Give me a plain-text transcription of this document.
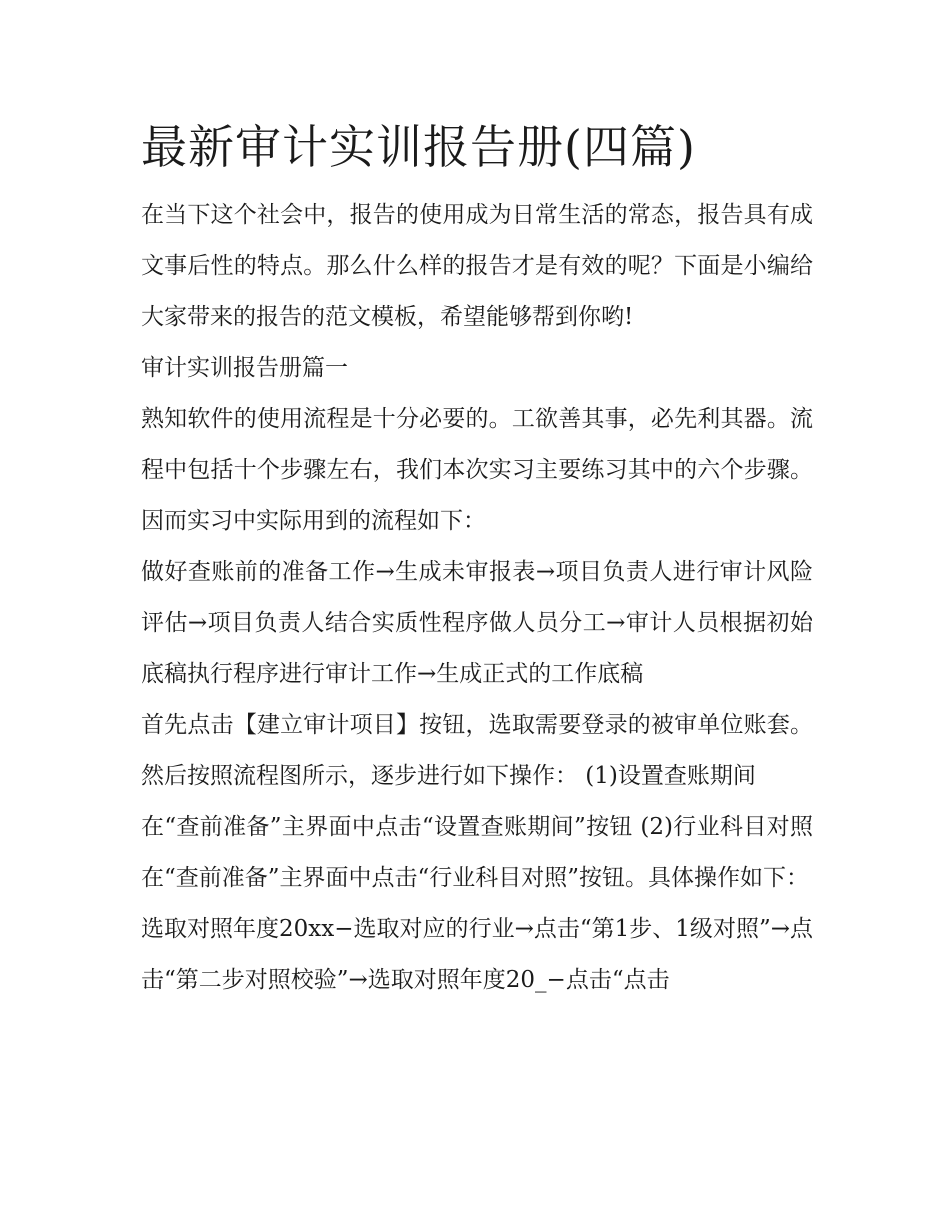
最新审计实训报告册(四篇)

在当下这个社会中，报告的使用成为日常生活的常态，报告具有成文事后性的特点。那么什么样的报告才是有效的呢？下面是小编给大家带来的报告的范文模板，希望能够帮到你哟!

审计实训报告册篇一

熟知软件的使用流程是十分必要的。工欲善其事，必先利其器。流程中包括十个步骤左右，我们本次实习主要练习其中的六个步骤。因而实习中实际用到的流程如下：

做好查账前的准备工作→生成未审报表→项目负责人进行审计风险评估→项目负责人结合实质性程序做人员分工→审计人员根据初始底稿执行程序进行审计工作→生成正式的工作底稿

首先点击【建立审计项目】按钮，选取需要登录的被审单位账套。然后按照流程图所示，逐步进行如下操作： (1)设置查账期间

在“查前准备”主界面中点击“设置查账期间”按钮 (2)行业科目对照 在“查前准备”主界面中点击“行业科目对照”按钮。具体操作如下：

选取对照年度20xx−选取对应的行业→点击“第1步、1级对照”→点击“第二步对照校验”→选取对照年度20_−点击“点击
